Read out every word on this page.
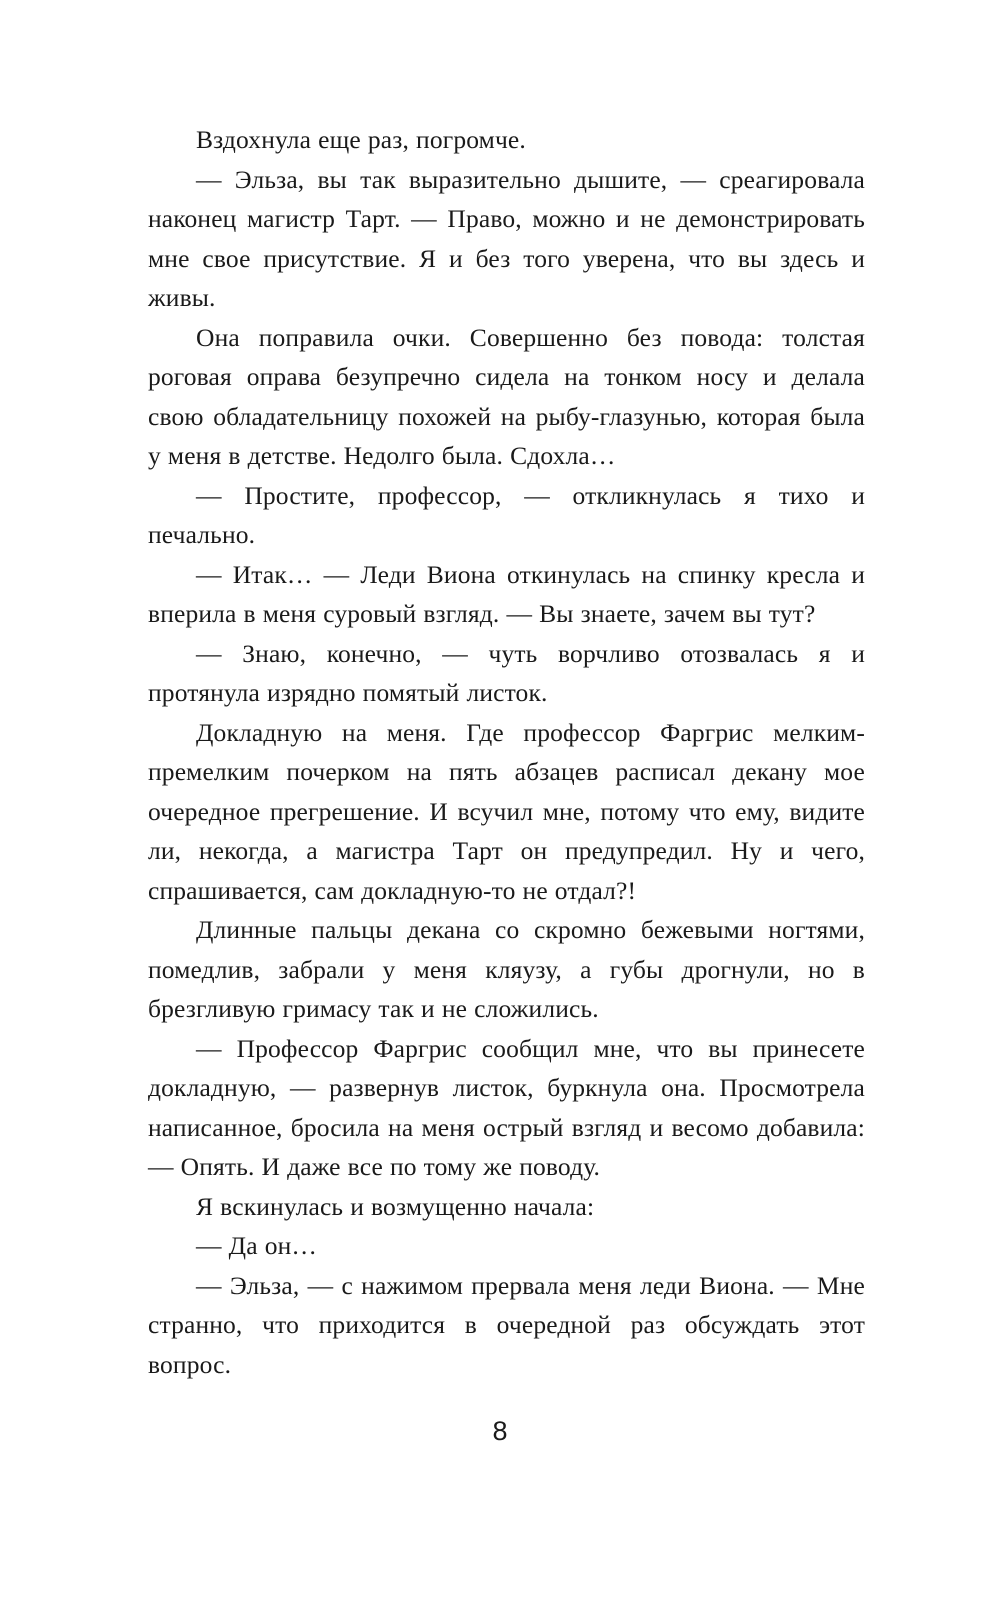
Вздохнула еще раз, погромче.

— Эльза, вы так выразительно дышите, — среагировала наконец магистр Тарт. — Право, можно и не демонстрировать мне свое присутствие. Я и без того уверена, что вы здесь и живы.

Она поправила очки. Совершенно без повода: толстая роговая оправа безупречно сидела на тонком носу и делала свою обладательницу похожей на рыбу-глазунью, которая была у меня в детстве. Недолго была. Сдохла…

— Простите, профессор, — откликнулась я тихо и печально.

— Итак… — Леди Виона откинулась на спинку кресла и вперила в меня суровый взгляд. — Вы знаете, зачем вы тут?

— Знаю, конечно, — чуть ворчливо отозвалась я и протянула изрядно помятый листок.

Докладную на меня. Где профессор Фаргрис мелким-премелким почерком на пять абзацев расписал декану мое очередное прегрешение. И всучил мне, потому что ему, видите ли, некогда, а магистра Тарт он предупредил. Ну и чего, спрашивается, сам докладную-то не отдал?!

Длинные пальцы декана со скромно бежевыми ногтями, помедлив, забрали у меня кляузу, а губы дрогнули, но в брезгливую гримасу так и не сложились.

— Профессор Фаргрис сообщил мне, что вы принесете докладную, — развернув листок, буркнула она. Просмотрела написанное, бросила на меня острый взгляд и весомо добавила: — Опять. И даже все по тому же поводу.

Я вскинулась и возмущенно начала:

— Да он…

— Эльза, — с нажимом прервала меня леди Виона. — Мне странно, что приходится в очередной раз обсуждать этот вопрос.

8
